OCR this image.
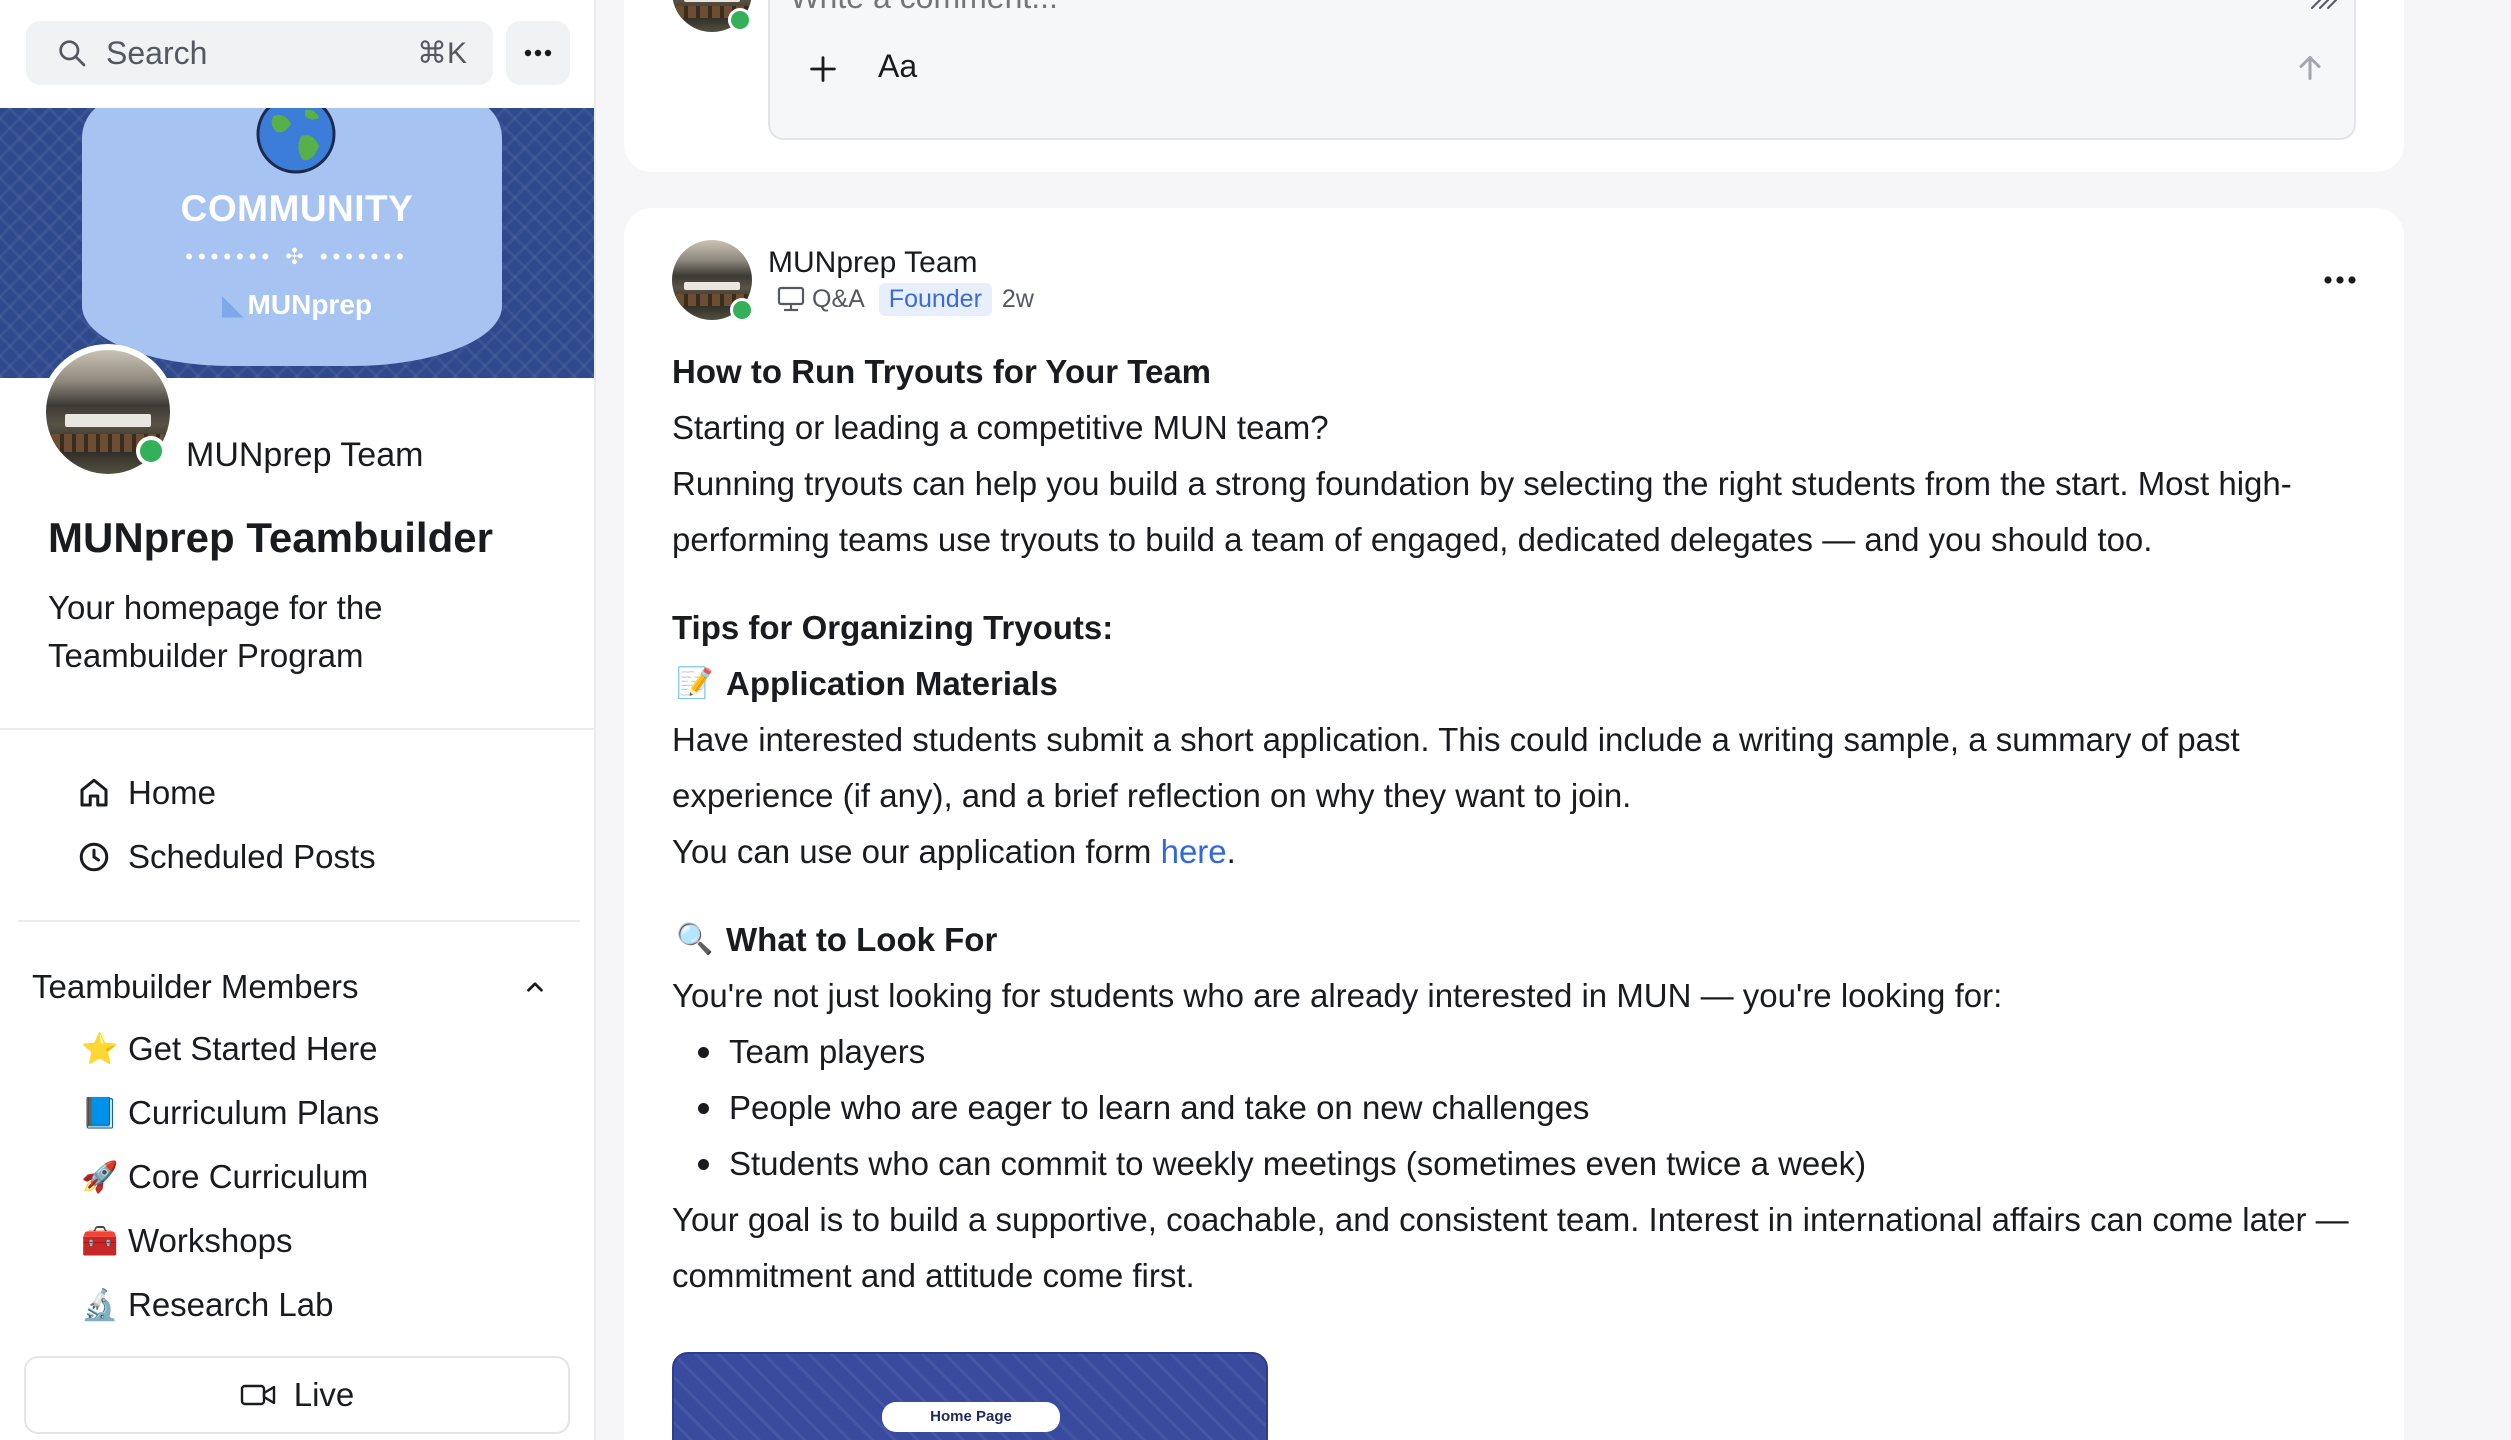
Search	⌘K
COMMUNITY
••••••• ✣ •••••••
◣ MUNprep
MUNprep Team
MUNprep Teambuilder
Your homepage for the Teambuilder Program
Home
Scheduled Posts
Teambuilder Members
⭐ Get Started Here
📘 Curriculum Plans
🚀 Core Curriculum
🧰 Workshops
🔬 Research Lab
Live
Write a comment...
Aa
MUNprep Team
Q&A Founder 2w

How to Run Tryouts for Your Team

Starting or leading a competitive MUN team?

Running tryouts can help you build a strong foundation by selecting the right students from the start. Most high-performing teams use tryouts to build a team of engaged, dedicated delegates — and you should too.

Tips for Organizing Tryouts:

📝 Application Materials

Have interested students submit a short application. This could include a writing sample, a summary of past experience (if any), and a brief reflection on why they want to join.

You can use our application form here.

🔍 What to Look For

You're not just looking for students who are already interested in MUN — you're looking for:

Team players
People who are eager to learn and take on new challenges
Students who can commit to weekly meetings (sometimes even twice a week)

Your goal is to build a supportive, coachable, and consistent team. Interest in international affairs can come later — commitment and attitude come first.

Home Page
